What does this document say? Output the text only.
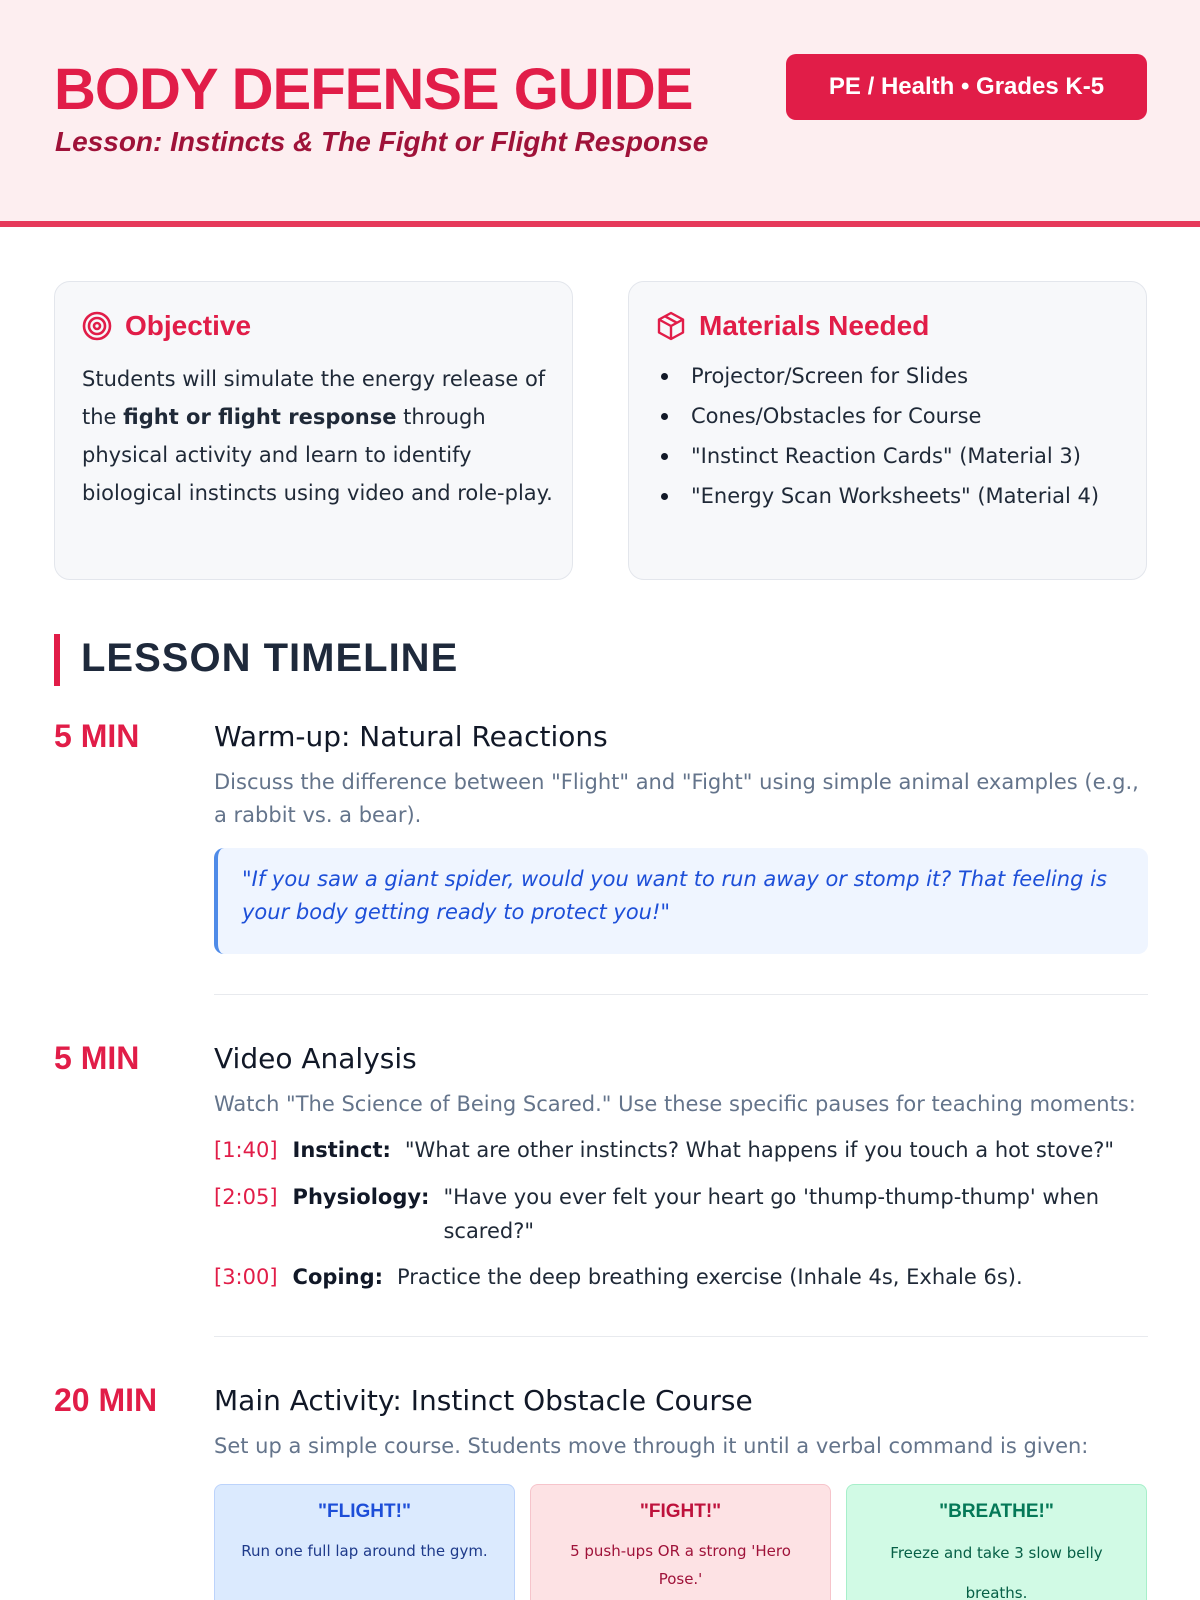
BODY DEFENSE GUIDE
Lesson: Instincts & The Fight or Flight Response
PE / Health • Grades K-5
Objective

Students will simulate the energy release of the fight or flight response through physical activity and learn to identify biological instincts using video and role-play.

Materials Needed
Projector/Screen for Slides
Cones/Obstacles for Course
"Instinct Reaction Cards" (Material 3)
"Energy Scan Worksheets" (Material 4)
LESSON TIMELINE
5 MIN	Warm-up: Natural Reactions
Discuss the difference between "Flight" and "Fight" using simple animal examples (e.g., a rabbit vs. a bear).
"If you saw a giant spider, would you want to run away or stomp it? That feeling is your body getting ready to protect you!"
5 MIN	Video Analysis
Watch "The Science of Being Scared." Use these specific pauses for teaching moments:
[1:40] Instinct: "What are other instincts? What happens if you touch a hot stove?"
[2:05] Physiology: "Have you ever felt your heart go 'thump-thump-thump' when scared?"
[3:00] Coping: Practice the deep breathing exercise (Inhale 4s, Exhale 6s).
20 MIN Main Activity: Instinct Obstacle Course
Set up a simple course. Students move through it until a verbal command is given:
"FLIGHT!"
Run one full lap around the gym.
"FIGHT!"
5 push-ups OR a strong 'Hero Pose.'
"BREATHE!"
Freeze and take 3 slow belly breaths.
